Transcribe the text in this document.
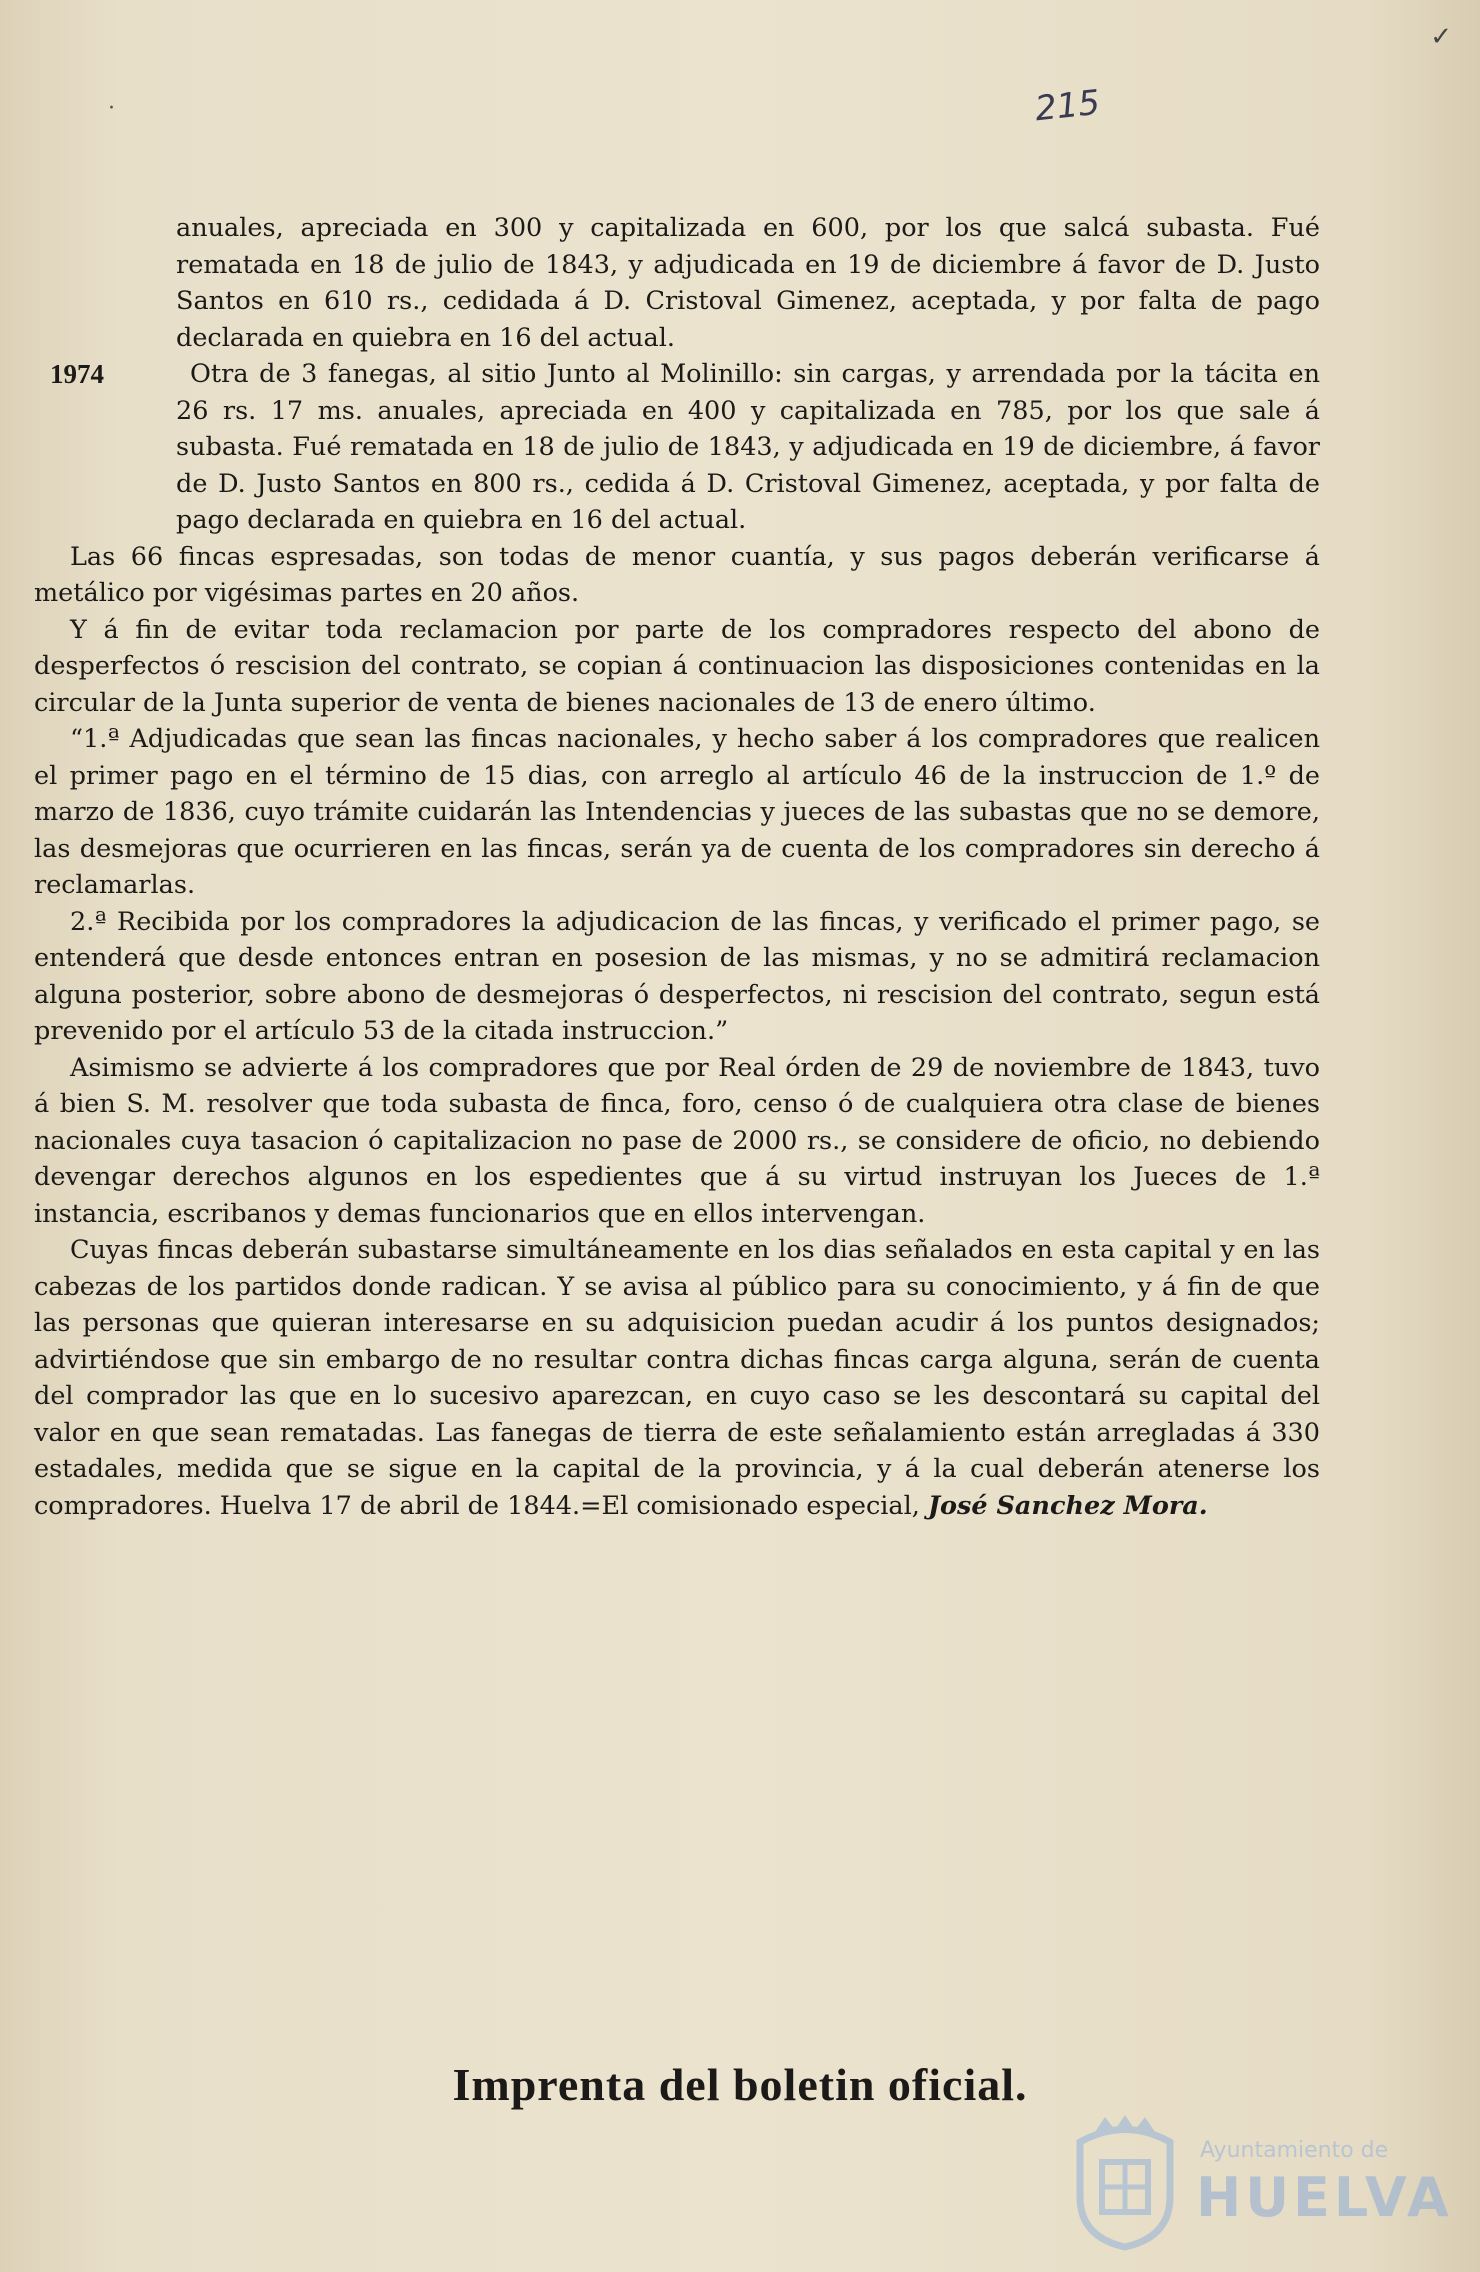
✓
·	215

anuales, apreciada en 300 y capitalizada en 600, por los que salcá subasta. Fué rematada en 18 de julio de 1843, y adjudicada en 19 de diciembre á favor de D. Justo Santos en 610 rs., cedidada á D. Cristoval Gimenez, aceptada, y por falta de pago declarada en quiebra en 16 del actual.

1974	Otra de 3 fanegas, al sitio Junto al Molinillo: sin cargas, y arrendada por la tácita en 26 rs. 17 ms. anuales, apreciada en 400 y capitalizada en 785, por los que sale á subasta. Fué rematada en 18 de julio de 1843, y adjudicada en 19 de diciembre, á favor de D. Justo Santos en 800 rs., cedida á D. Cristoval Gimenez, aceptada, y por falta de pago declarada en quiebra en 16 del actual.

Las 66 fincas espresadas, son todas de menor cuantía, y sus pagos deberán verificarse á metálico por vigésimas partes en 20 años.

Y á fin de evitar toda reclamacion por parte de los compradores respecto del abono de desperfectos ó rescision del contrato, se copian á continuacion las disposiciones contenidas en la circular de la Junta superior de venta de bienes nacionales de 13 de enero último.

“1.ª Adjudicadas que sean las fincas nacionales, y hecho saber á los compradores que realicen el primer pago en el término de 15 dias, con arreglo al artículo 46 de la instruccion de 1.º de marzo de 1836, cuyo trámite cuidarán las Intendencias y jueces de las subastas que no se demore, las desmejoras que ocurrieren en las fincas, serán ya de cuenta de los compradores sin derecho á reclamarlas.

2.ª Recibida por los compradores la adjudicacion de las fincas, y verificado el primer pago, se entenderá que desde entonces entran en posesion de las mismas, y no se admitirá reclamacion alguna posterior, sobre abono de desmejoras ó desperfectos, ni rescision del contrato, segun está prevenido por el artículo 53 de la citada instruccion.”

Asimismo se advierte á los compradores que por Real órden de 29 de noviembre de 1843, tuvo á bien S. M. resolver que toda subasta de finca, foro, censo ó de cualquiera otra clase de bienes nacionales cuya tasacion ó capitalizacion no pase de 2000 rs., se considere de oficio, no debiendo devengar derechos algunos en los espedientes que á su virtud instruyan los Jueces de 1.ª instancia, escribanos y demas funcionarios que en ellos intervengan.

Cuyas fincas deberán subastarse simultáneamente en los dias señalados en esta capital y en las cabezas de los partidos donde radican. Y se avisa al público para su conocimiento, y á fin de que las personas que quieran interesarse en su adquisicion puedan acudir á los puntos designados; advirtiéndose que sin embargo de no resultar contra dichas fincas carga alguna, serán de cuenta del comprador las que en lo sucesivo aparezcan, en cuyo caso se les descontará su capital del valor en que sean rematadas. Las fanegas de tierra de este señalamiento están arregladas á 330 estadales, medida que se sigue en la capital de la provincia, y á la cual deberán atenerse los compradores. Huelva 17 de abril de 1844.=El comisionado especial, José Sanchez Mora.

Imprenta del boletin oficial.
Ayuntamiento de
HUELVA
